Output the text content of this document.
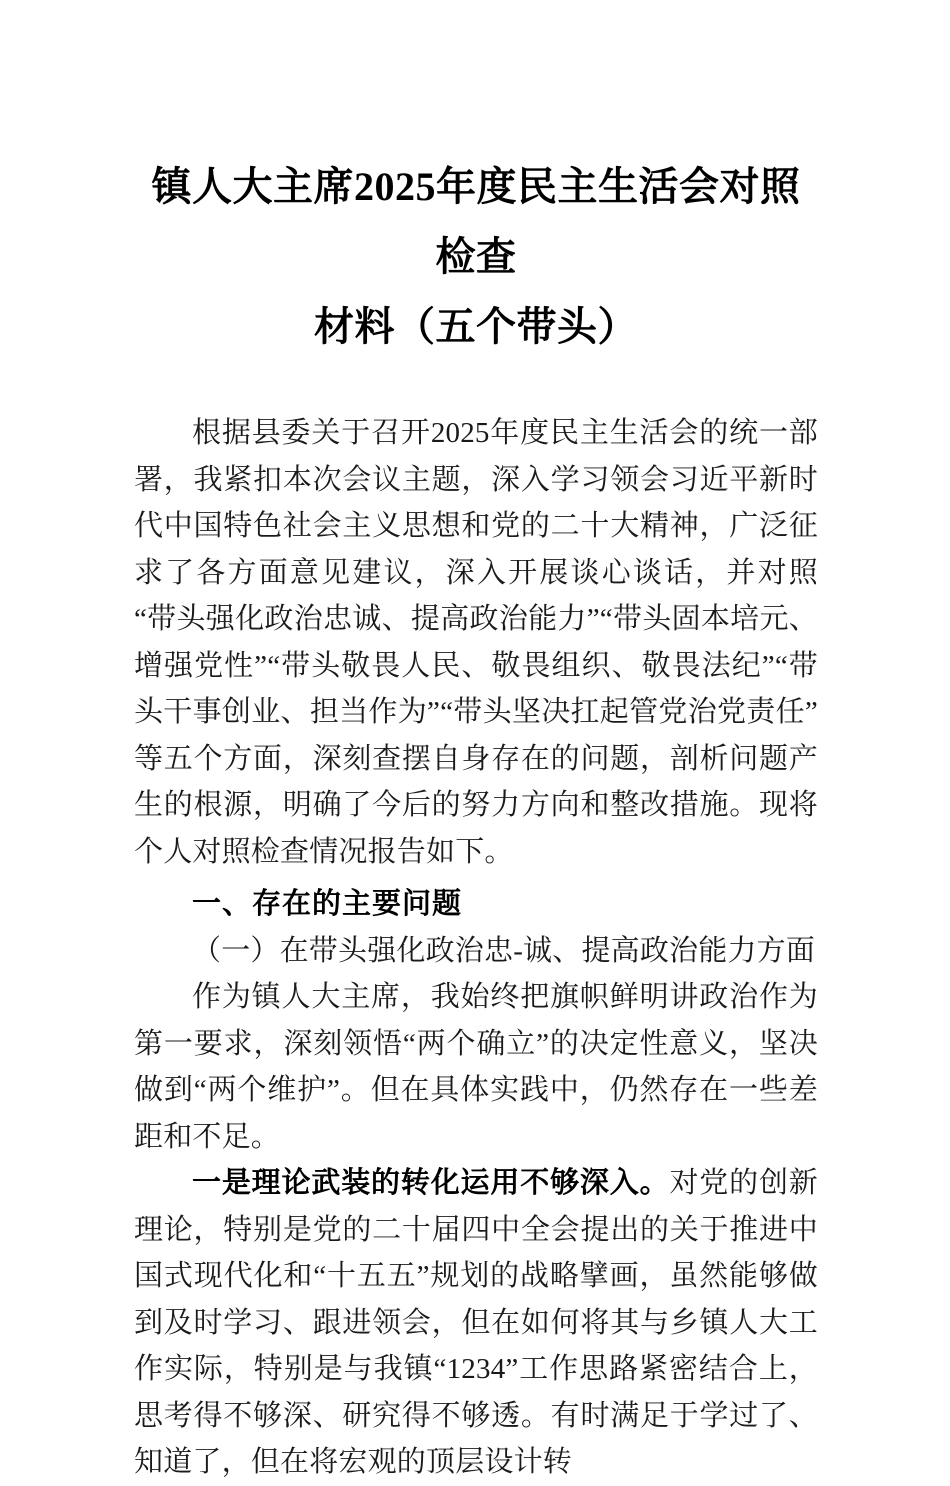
镇人大主席2025年度民主生活会对照检查
材料（五个带头）

根据县委关于召开2025年度民主生活会的统一部署，我紧扣本次会议主题，深入学习领会习近平新时代中国特色社会主义思想和党的二十大精神，广泛征求了各方面意见建议，深入开展谈心谈话，并对照“带头强化政治忠诚、提高政治能力”“带头固本培元、增强党性”“带头敬畏人民、敬畏组织、敬畏法纪”“带头干事创业、担当作为”“带头坚决扛起管党治党责任”等五个方面，深刻查摆自身存在的问题，剖析问题产生的根源，明确了今后的努力方向和整改措施。现将个人对照检查情况报告如下。

一、存在的主要问题

（一）在带头强化政治忠-诚、提高政治能力方面

作为镇人大主席，我始终把旗帜鲜明讲政治作为第一要求，深刻领悟“两个确立”的决定性意义，坚决做到“两个维护”。但在具体实践中，仍然存在一些差距和不足。

一是理论武装的转化运用不够深入。对党的创新理论，特别是党的二十届四中全会提出的关于推进中国式现代化和“十五五”规划的战略擘画，虽然能够做到及时学习、跟进领会，但在如何将其与乡镇人大工作实际，特别是与我镇“1234”工作思路紧密结合上，思考得不够深、研究得不够透。有时满足于学过了、知道了，但在将宏观的顶层设计转
